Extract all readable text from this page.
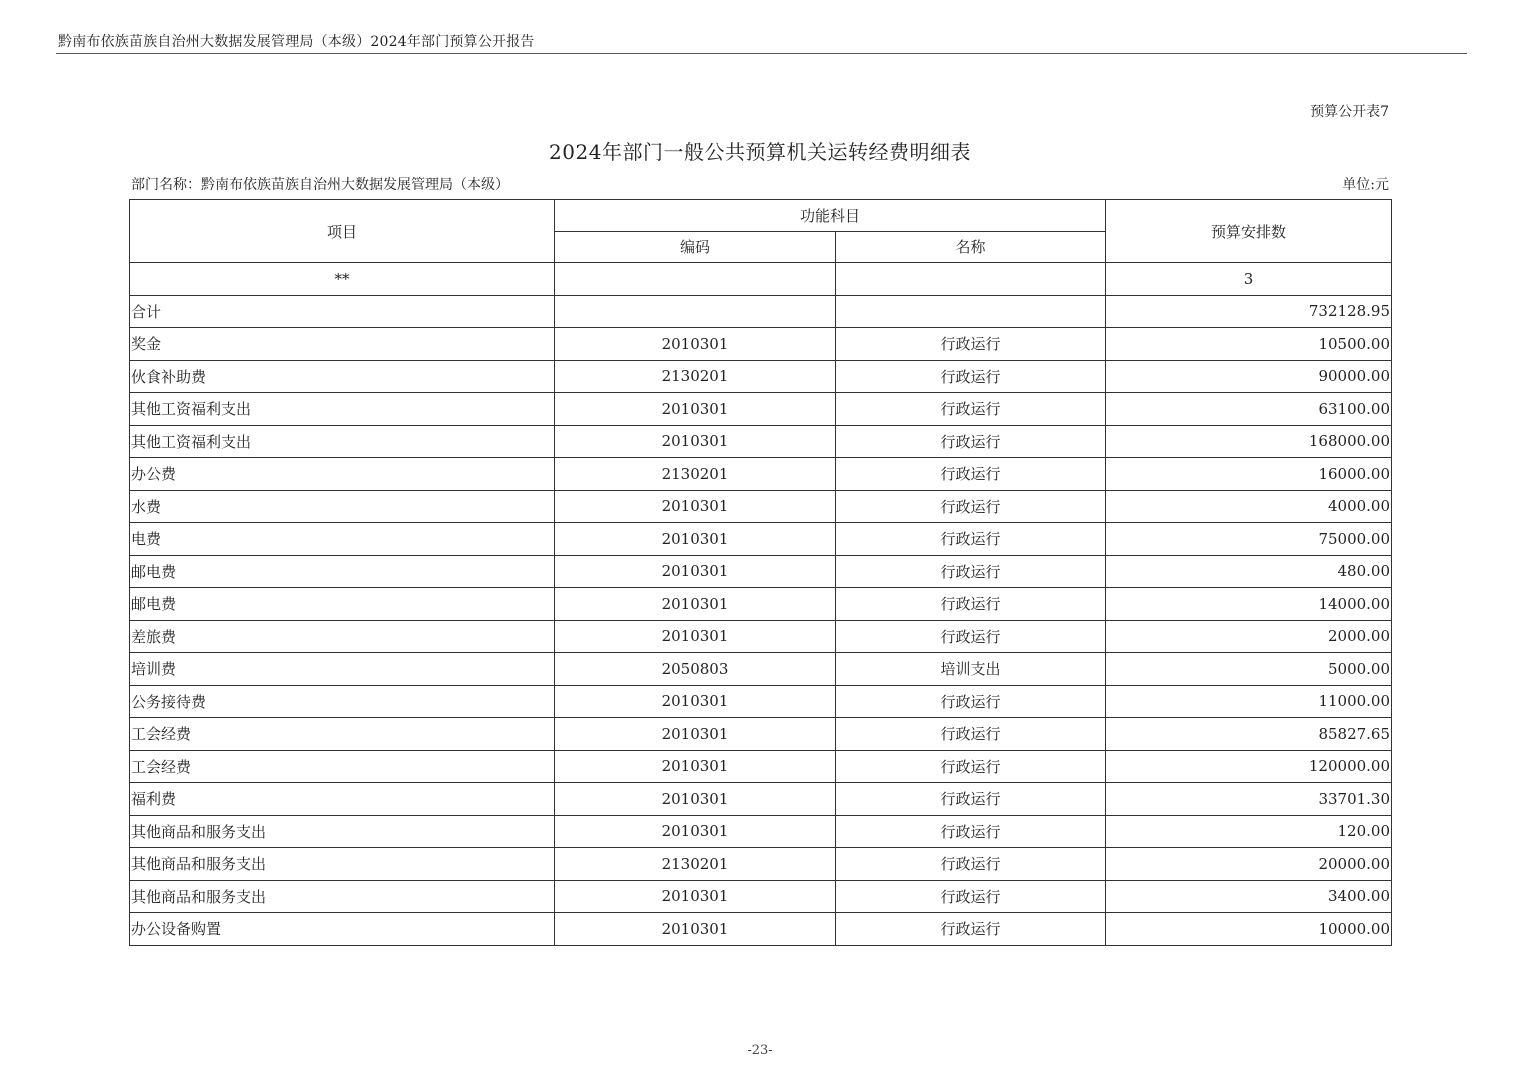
黔南布依族苗族自治州大数据发展管理局（本级）2024年部门预算公开报告
预算公开表7
2024年部门一般公共预算机关运转经费明细表
部门名称：黔南布依族苗族自治州大数据发展管理局（本级）	单位:元
项目	功能科目		预算安排数
	编码	名称	
**			3
合计			732128.95
奖金	2010301	行政运行	10500.00
伙食补助费	2130201	行政运行	90000.00
其他工资福利支出	2010301	行政运行	63100.00
其他工资福利支出	2010301	行政运行	168000.00
办公费	2130201	行政运行	16000.00
水费	2010301	行政运行	4000.00
电费	2010301	行政运行	75000.00
邮电费	2010301	行政运行	480.00
邮电费	2010301	行政运行	14000.00
差旅费	2010301	行政运行	2000.00
培训费	2050803	培训支出	5000.00
公务接待费	2010301	行政运行	11000.00
工会经费	2010301	行政运行	85827.65
工会经费	2010301	行政运行	120000.00
福利费	2010301	行政运行	33701.30
其他商品和服务支出	2010301	行政运行	120.00
其他商品和服务支出	2130201	行政运行	20000.00
其他商品和服务支出	2010301	行政运行	3400.00
办公设备购置	2010301	行政运行	10000.00
-23-
